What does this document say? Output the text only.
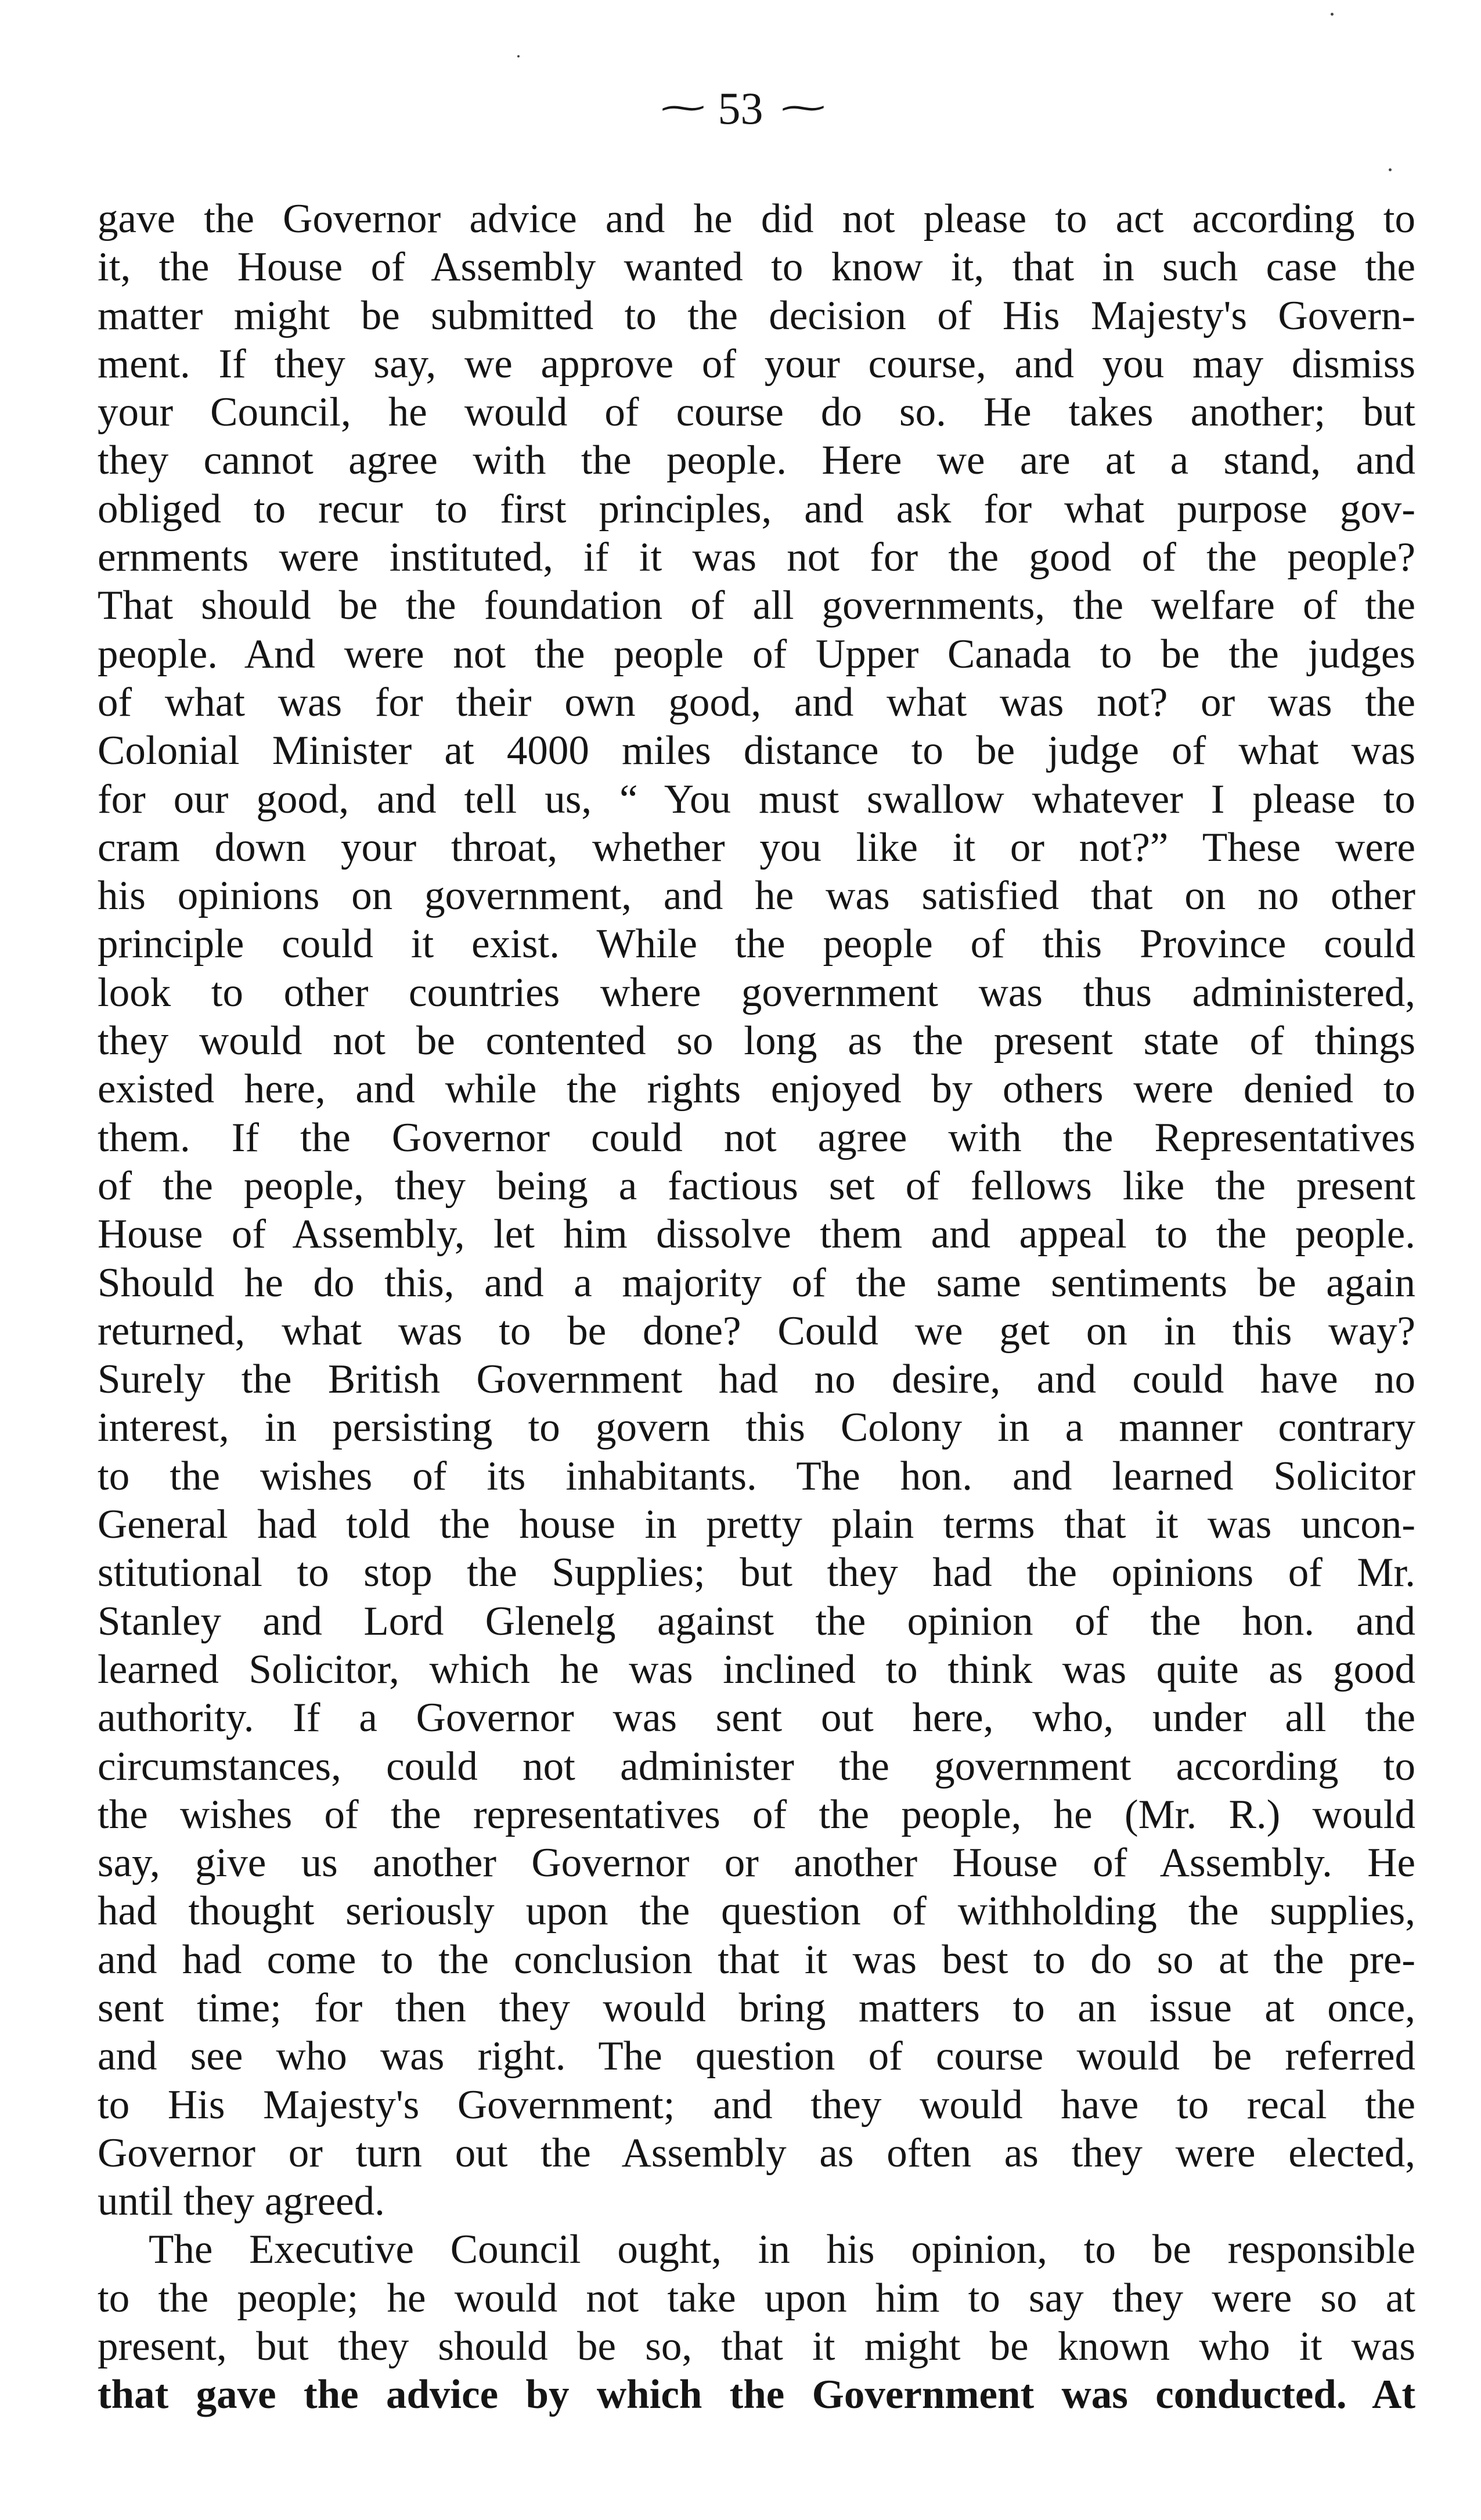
⁓ 53 ⁓
gave the Governor advice and he did not please to act according to
it, the House of Assembly wanted to know it, that in such case the
matter might be submitted to the decision of His Majesty's Govern-
ment. If they say, we approve of your course, and you may dismiss
your Council, he would of course do so. He takes another; but
they cannot agree with the people. Here we are at a stand, and
obliged to recur to first principles, and ask for what purpose gov-
ernments were instituted, if it was not for the good of the people?
That should be the foundation of all governments, the welfare of the
people. And were not the people of Upper Canada to be the judges
of what was for their own good, and what was not? or was the
Colonial Minister at 4000 miles distance to be judge of what was
for our good, and tell us, “ You must swallow whatever I please to
cram down your throat, whether you like it or not?” These were
his opinions on government, and he was satisfied that on no other
principle could it exist. While the people of this Province could
look to other countries where government was thus administered,
they would not be contented so long as the present state of things
existed here, and while the rights enjoyed by others were denied to
them. If the Governor could not agree with the Representatives
of the people, they being a factious set of fellows like the present
House of Assembly, let him dissolve them and appeal to the people.
Should he do this, and a majority of the same sentiments be again
returned, what was to be done? Could we get on in this way?
Surely the British Government had no desire, and could have no
interest, in persisting to govern this Colony in a manner contrary
to the wishes of its inhabitants. The hon. and learned Solicitor
General had told the house in pretty plain terms that it was uncon-
stitutional to stop the Supplies; but they had the opinions of Mr.
Stanley and Lord Glenelg against the opinion of the hon. and
learned Solicitor, which he was inclined to think was quite as good
authority. If a Governor was sent out here, who, under all the
circumstances, could not administer the government according to
the wishes of the representatives of the people, he (Mr. R.) would
say, give us another Governor or another House of Assembly. He
had thought seriously upon the question of withholding the supplies,
and had come to the conclusion that it was best to do so at the pre-
sent time; for then they would bring matters to an issue at once,
and see who was right. The question of course would be referred
to His Majesty's Government; and they would have to recal the
Governor or turn out the Assembly as often as they were elected,
until they agreed.
The Executive Council ought, in his opinion, to be responsible
to the people; he would not take upon him to say they were so at
present, but they should be so, that it might be known who it was
that gave the advice by which the Government was conducted. At
